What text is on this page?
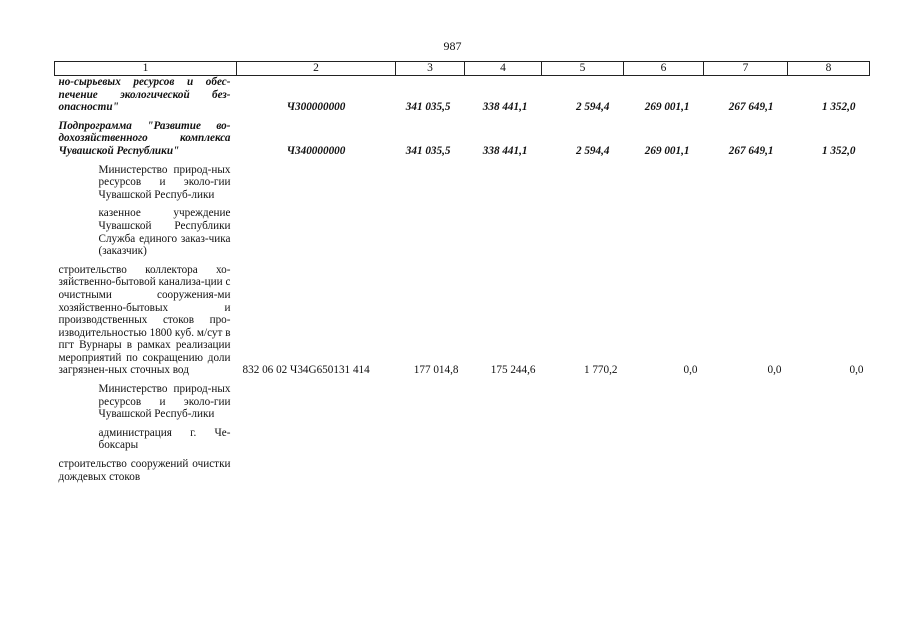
987
1	2	3	4	5	6	7	8
но-сырьевых ресурсов и обес-печение экологической без-опасности"	Ч300000000	341 035,5	338 441,1	2 594,4	269 001,1	267 649,1	1 352,0
Подпрограмма "Развитие во-дохозяйственного комплекса Чувашской Республики"	Ч340000000	341 035,5	338 441,1	2 594,4	269 001,1	267 649,1	1 352,0
Министерство природ-ных ресурсов и эколо-гии Чувашской Респуб-лики							
казенное учреждение Чувашской Республики Служба единого заказ-чика (заказчик)							
строительство коллектора хо-зяйственно-бытовой канализа-ции с очистными сооружения-ми хозяйственно-бытовых и производственных стоков про-изводительностью 1800 куб. м/сут в пгт Вурнары в рамках реализации мероприятий по сокращению доли загрязнен-ных сточных вод	832 06 02 Ч34G650131 414	177 014,8	175 244,6	1 770,2	0,0	0,0	0,0
Министерство природ-ных ресурсов и эколо-гии Чувашской Респуб-лики							
администрация г. Че-боксары							
строительство сооружений очистки дождевых стоков							
